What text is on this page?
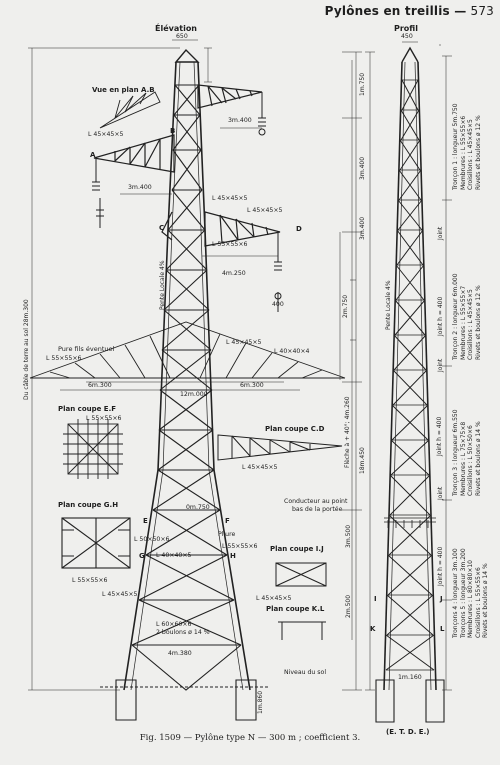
Pylônes en treillis — 573
Élévation	Profil
Vue en plan A.B
Plan coupe E.F
Plan coupe G.H
Plan coupe C.D
Plan coupe I.J
Plan coupe K.L
L 45×45×5
L 45×45×5
L 45×45×5
L 45×45×5
L 45×45×5
L 45×45×5
L 45×45×5
L 55×55×6
L 55×55×6
L 55×55×6
L 55×55×6
L 55×55×6
L 40×40×4
L 60×60×6
L 50×50×6
L 40×40×5
2 boulons ø 14 %
Pure fils éventuel
Conducteur au point
bas de la portée
Pliure
Niveau du sol
650	450
3m.400
3m.400
4m.250
6m.300	6m.300
12m.000
4m.380
0m.750
400
1m.160
1m.750
3m.400
3m.400
2m.750
18m.450
2m.500
3m.500
Du câble de terre au sol 28m.300
Flèche à + 40°; 4m.260
Pente Locale 4%	Pente Locale 4%
Joint
Joint
Joint
Joint h = 400
Joint h = 400
Joint h = 400
1m.860
Tronçon 1 : longueur 5m.750
Membrures : L 55×55×6
Croisillons : L 45×45×5
Rivets et boulons ø 12 %
Tronçon 2 : longueur 6m.000
Membrures : L 55×55×7
Croisillons : L 45×45×5
Rivets et boulons ø 12 %
Tronçon 3 : longueur 6m.550
Membrures : L 75×75×8
Croisillons : L 50×50×6
Rivets et boulons ø 14 %
Tronçons 4 : longueur 3m.100
Tronçons 5 : longueur 3m.200
Membrures : L 80×80×10
Croisillons : L 55×55×6
Rivets et boulons ø 14 %
B
A
C	D
E	F
G	H
I	J
K	L
(E. T. D. E.)
Fig. 1509 — Pylône type N — 300 m ; coefficient 3.
